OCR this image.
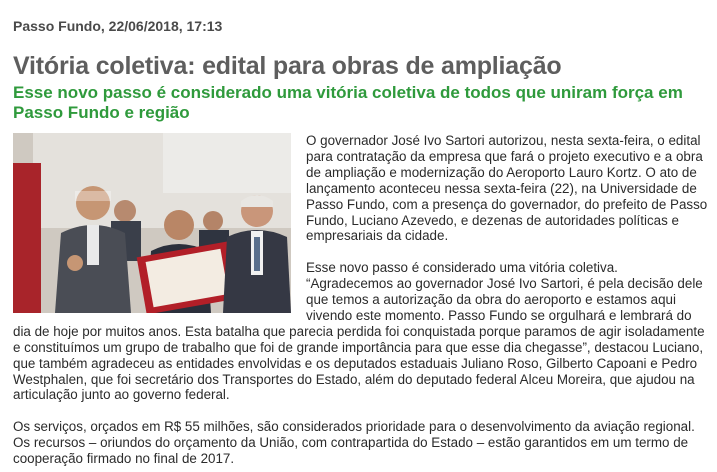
Passo Fundo, 22/06/2018, 17:13
Vitória coletiva: edital para obras de ampliação
Esse novo passo é considerado uma vitória coletiva de todos que uniram força em Passo Fundo e região

O governador José Ivo Sartori autorizou, nesta sexta-feira, o edital para contratação da empresa que fará o projeto executivo e a obra de ampliação e modernização do Aeroporto Lauro Kortz. O ato de lançamento aconteceu nessa sexta-feira (22), na Universidade de Passo Fundo, com a presença do governador, do prefeito de Passo Fundo, Luciano Azevedo, e dezenas de autoridades políticas e empresariais da cidade.

Esse novo passo é considerado uma vitória coletiva. “Agradecemos ao governador José Ivo Sartori, é pela decisão dele que temos a autorização da obra do aeroporto e estamos aqui vivendo este momento. Passo Fundo se orgulhará e lembrará do dia de hoje por muitos anos. Esta batalha que parecia perdida foi conquistada porque paramos de agir isoladamente e constituímos um grupo de trabalho que foi de grande importância para que esse dia chegasse”, destacou Luciano, que também agradeceu as entidades envolvidas e os deputados estaduais Juliano Roso, Gilberto Capoani e Pedro Westphalen, que foi secretário dos Transportes do Estado, além do deputado federal Alceu Moreira, que ajudou na articulação junto ao governo federal.

Os serviços, orçados em R$ 55 milhões, são considerados prioridade para o desenvolvimento da aviação regional. Os recursos – oriundos do orçamento da União, com contrapartida do Estado – estão garantidos em um termo de cooperação firmado no final de 2017.
